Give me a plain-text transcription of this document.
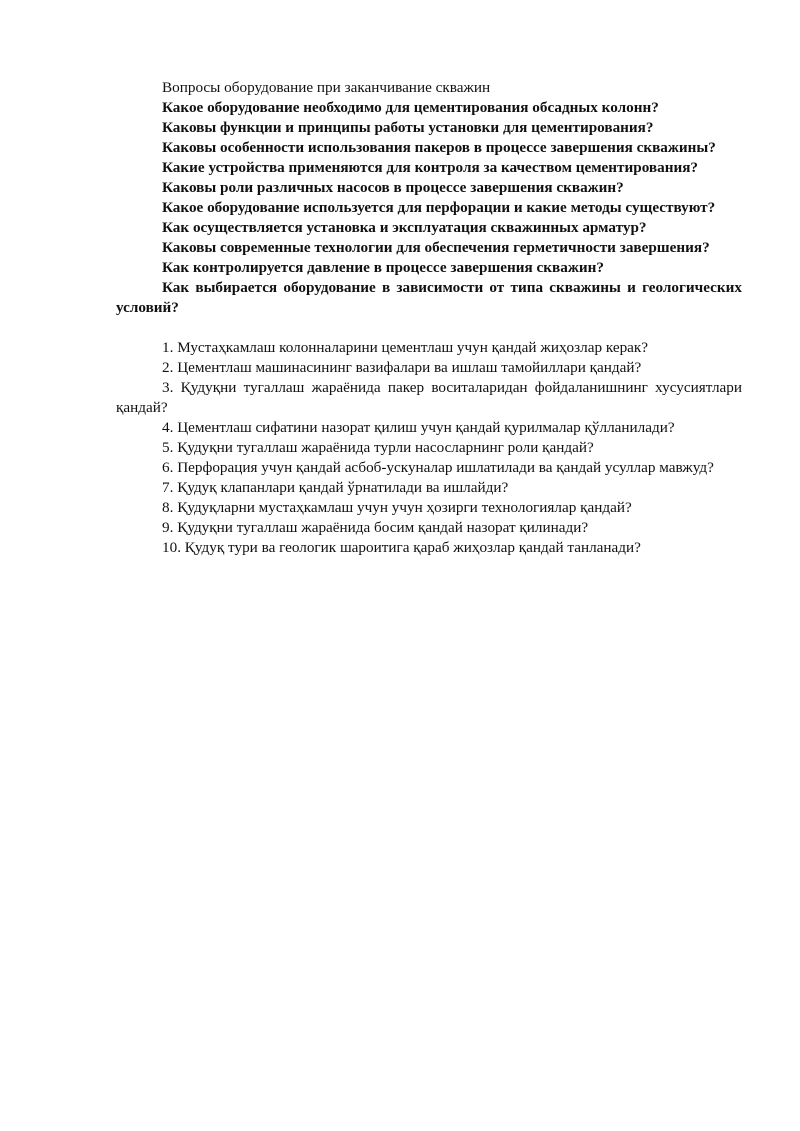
Вопросы оборудование при заканчивание скважин

Какое оборудование необходимо для цементирования обсадных колонн?

Каковы функции и принципы работы установки для цементирования?

Каковы особенности использования пакеров в процессе завершения скважины?

Какие устройства применяются для контроля за качеством цементирования?

Каковы роли различных насосов в процессе завершения скважин?

Какое оборудование используется для перфорации и какие методы существуют?

Как осуществляется установка и эксплуатация скважинных арматур?

Каковы современные технологии для обеспечения герметичности завершения?

Как контролируется давление в процессе завершения скважин?

Как выбирается оборудование в зависимости от типа скважины и геологических условий?

1. Мустаҳкамлаш колонналарини цементлаш учун қандай жиҳозлар керак?

2. Цементлаш машинасининг вазифалари ва ишлаш тамойиллари қандай?

3. Қудуқни тугаллаш жараёнида пакер воситаларидан фойдаланишнинг хусусиятлари қандай?

4. Цементлаш сифатини назорат қилиш учун қандай қурилмалар қўлланилади?

5. Қудуқни тугаллаш жараёнида турли насосларнинг роли қандай?

6. Перфорация учун қандай асбоб-ускуналар ишлатилади ва қандай усуллар мавжуд?

7. Қудуқ клапанлари қандай ўрнатилади ва ишлайди?

8. Қудуқларни мустаҳкамлаш учун учун ҳозирги технологиялар қандай?

9. Қудуқни тугаллаш жараёнида босим қандай назорат қилинади?

10. Қудуқ тури ва геологик шароитига қараб жиҳозлар қандай танланади?
